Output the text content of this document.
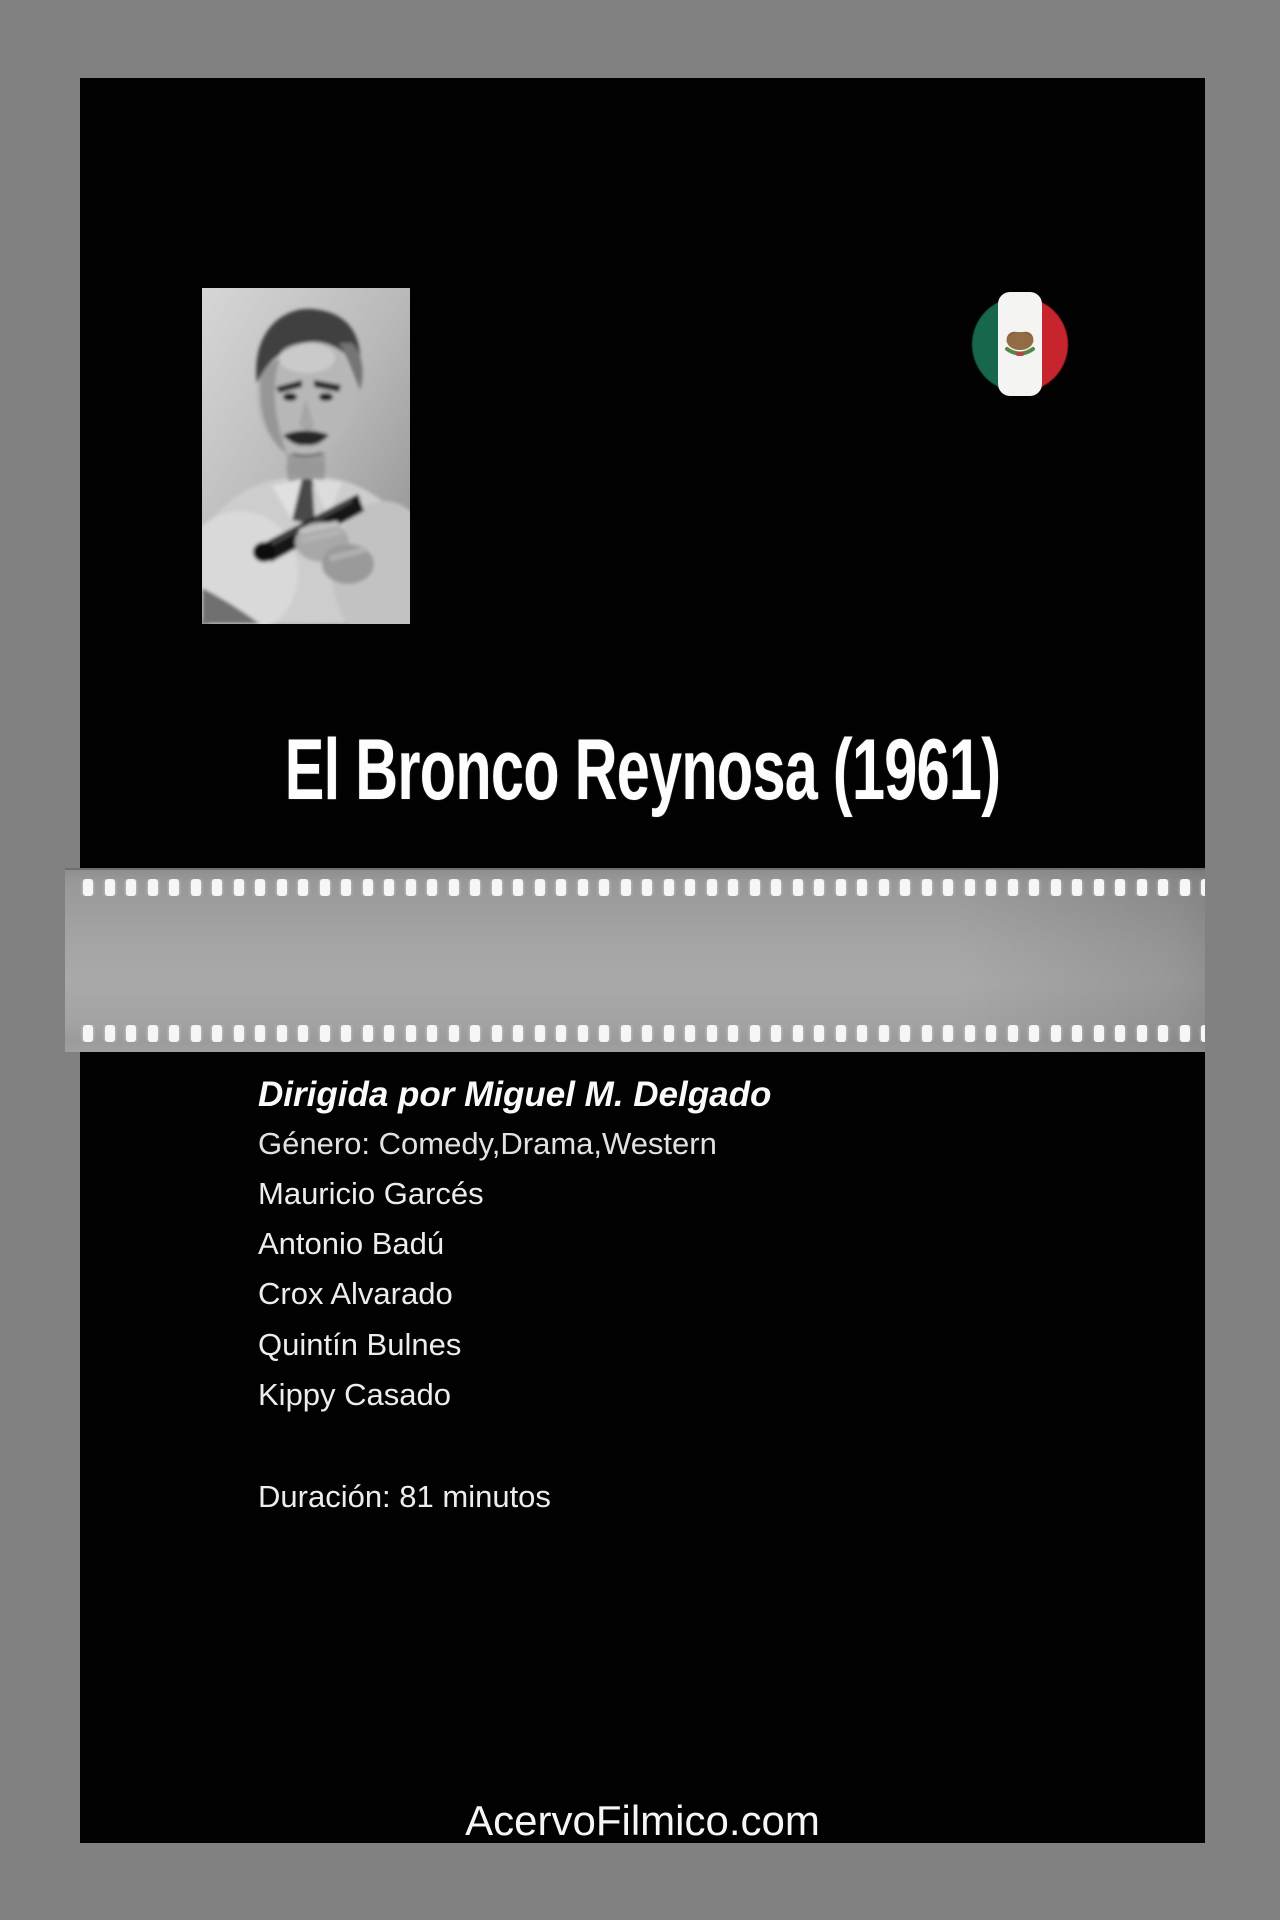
El Bronco Reynosa (1961)
Dirigida por Miguel M. Delgado
Género: Comedy,Drama,Western
Mauricio Garcés
Antonio Badú
Crox Alvarado
Quintín Bulnes
Kippy Casado
Duración: 81 minutos
AcervoFilmico.com
